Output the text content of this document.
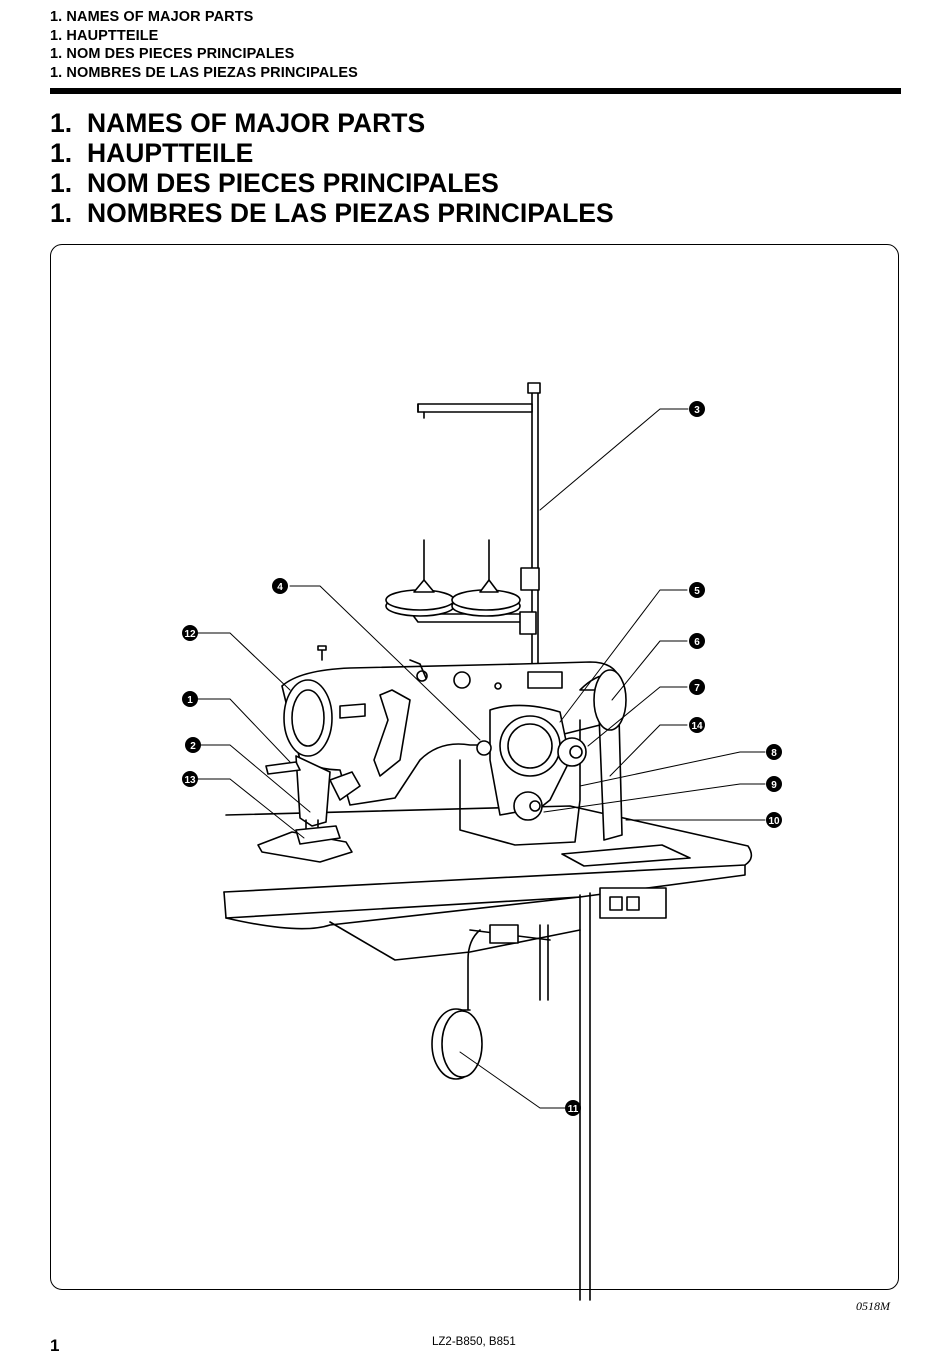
1. NAMES OF MAJOR PARTS
1. HAUPTTEILE
1. NOM DES PIECES PRINCIPALES
1. NOMBRES DE LAS PIEZAS PRINCIPALES
1. NAMES OF MAJOR PARTS
1. HAUPTTEILE
1. NOM DES PIECES PRINCIPALES
1. NOMBRES DE LAS PIEZAS PRINCIPALES
3
4	5
6
7
14
8
9
10
12
1
2
13
11
0518M
1	LZ2-B850, B851
